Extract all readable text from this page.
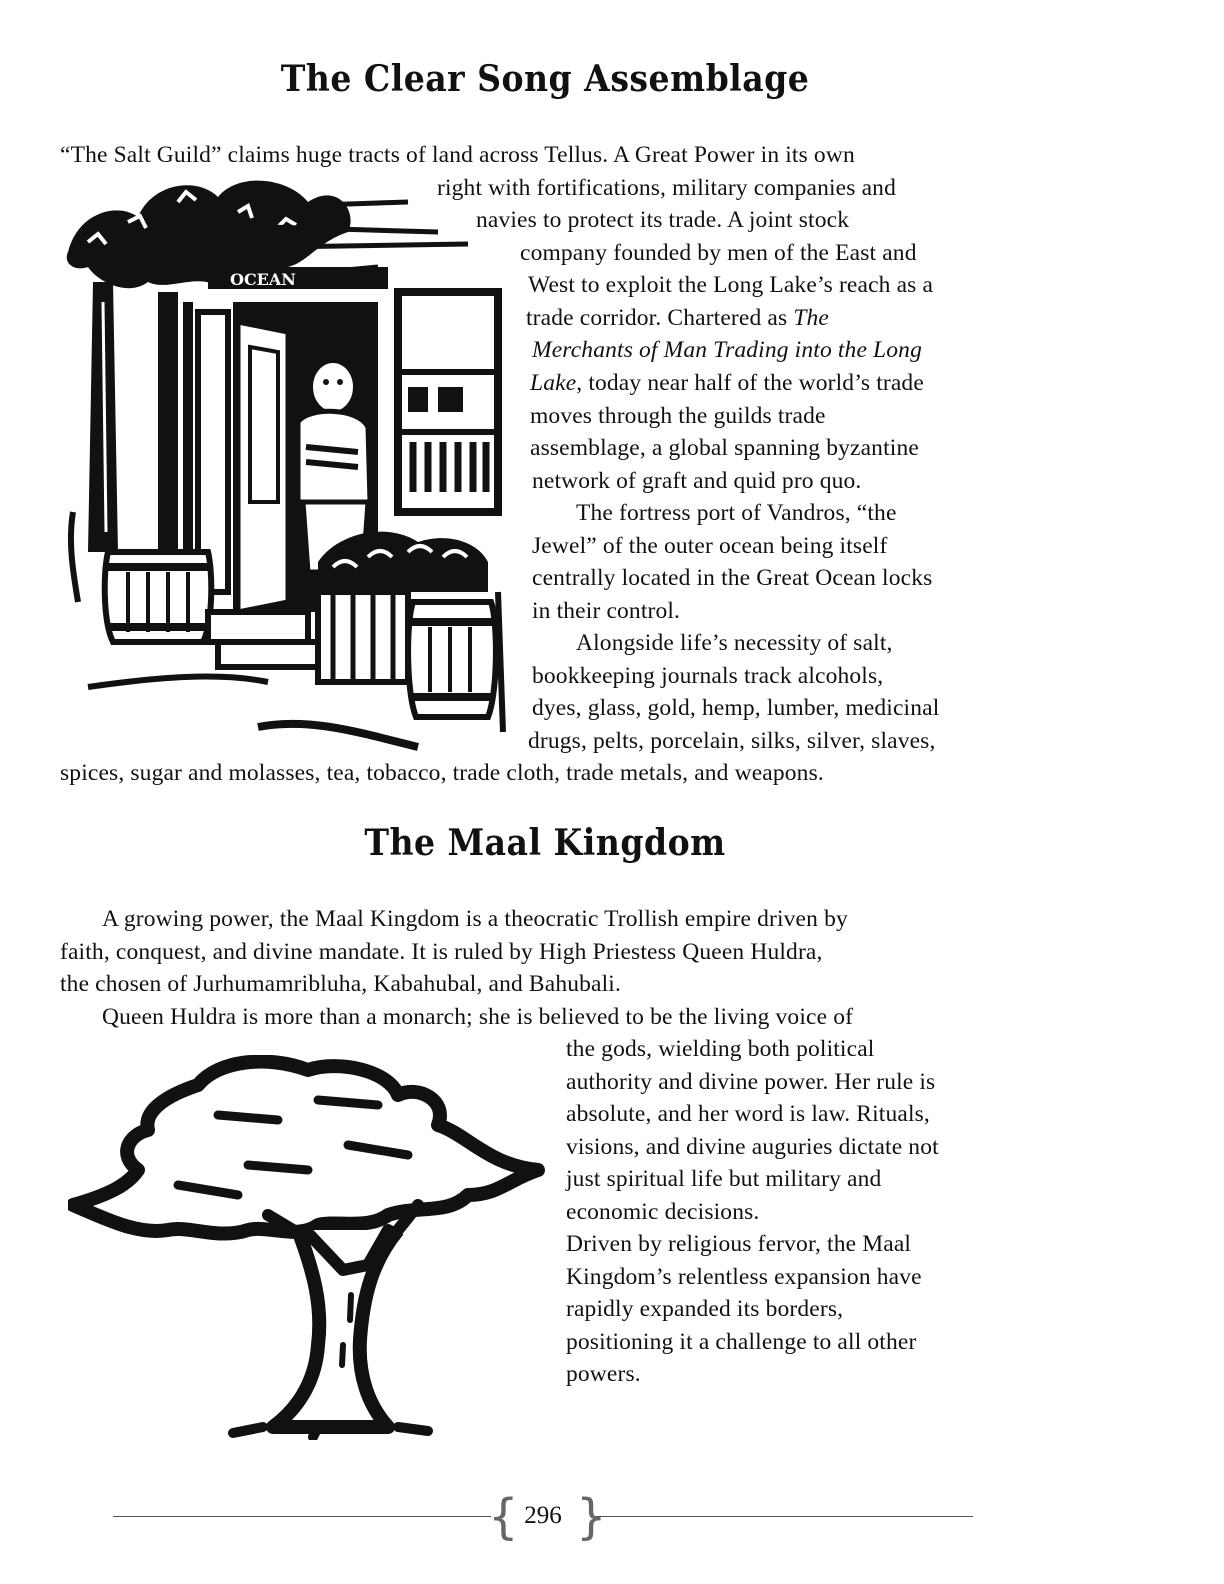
The Clear Song Assemblage

“The Salt Guild” claims huge tracts of land across Tellus. A Great Power in its own

right with fortifications, military companies and

navies to protect its trade. A joint stock

company founded by men of the East and

West to exploit the Long Lake’s reach as a

trade corridor. Chartered as The

Merchants of Man Trading into the Long

Lake, today near half of the world’s trade

moves through the guilds trade

assemblage, a global spanning byzantine

network of graft and quid pro quo.

The fortress port of Vandros, “the

Jewel” of the outer ocean being itself

centrally located in the Great Ocean locks

in their control.

Alongside life’s necessity of salt,

bookkeeping journals track alcohols,

dyes, glass, gold, hemp, lumber, medicinal

drugs, pelts, porcelain, silks, silver, slaves,

spices, sugar and molasses, tea, tobacco, trade cloth, trade metals, and weapons.

OCEAN
The Maal Kingdom

A growing power, the Maal Kingdom is a theocratic Trollish empire driven by

faith, conquest, and divine mandate. It is ruled by High Priestess Queen Huldra,

the chosen of Jurhumamribluha, Kabahubal, and Bahubali.

Queen Huldra is more than a monarch; she is believed to be the living voice of

the gods, wielding both political

authority and divine power. Her rule is

absolute, and her word is law. Rituals,

visions, and divine auguries dictate not

just spiritual life but military and

economic decisions.

Driven by religious fervor, the Maal

Kingdom’s relentless expansion have

rapidly expanded its borders,

positioning it a challenge to all other

powers.

{ 296 }
